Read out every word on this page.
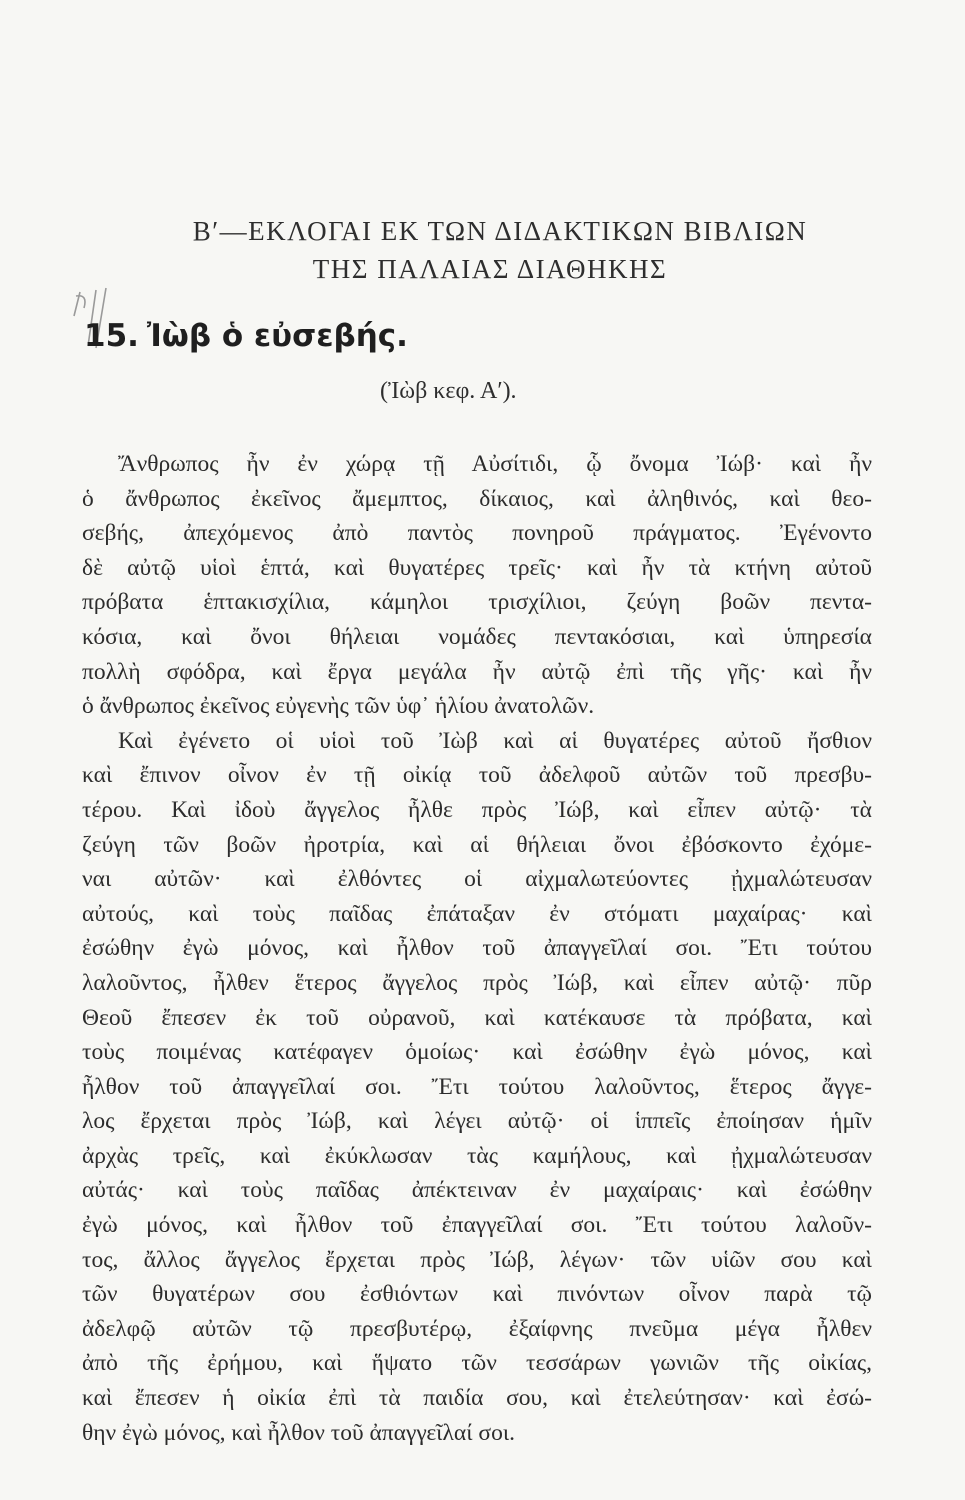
Β′—ΕΚΛΟΓΑΙ ΕΚ ΤΩΝ ΔΙΔΑΚΤΙΚΩΝ ΒΙΒΛΙΩΝ
ΤΗΣ ΠΑΛΑΙΑΣ ΔΙΑΘΗΚΗΣ
15. Ἰὼβ ὁ εὐσεβής.
(Ἰὼβ κεφ. Α′).
Ἄνθρωπος ἦν ἐν χώρᾳ τῇ Αὐσίτιδι, ᾧ ὄνομα Ἰώβ· καὶ ἦν
ὁ ἄνθρωπος ἐκεῖνος ἄμεμπτος, δίκαιος, καὶ ἀληθινός, καὶ θεο-
σεβής, ἀπεχόμενος ἀπὸ παντὸς πονηροῦ πράγματος. Ἐγένοντο
δὲ αὐτῷ υἱοὶ ἑπτά, καὶ θυγατέρες τρεῖς· καὶ ἦν τὰ κτήνη αὐτοῦ
πρόβατα ἑπτακισχίλια, κάμηλοι τρισχίλιοι, ζεύγη βοῶν πεντα-
κόσια, καὶ ὄνοι θήλειαι νομάδες πεντακόσιαι, καὶ ὑπηρεσία
πολλὴ σφόδρα, καὶ ἔργα μεγάλα ἦν αὐτῷ ἐπὶ τῆς γῆς· καὶ ἦν
ὁ ἄνθρωπος ἐκεῖνος εὐγενὴς τῶν ὑφ᾽ ἡλίου ἀνατολῶν.
Καὶ ἐγένετο οἱ υἱοὶ τοῦ Ἰὼβ καὶ αἱ θυγατέρες αὐτοῦ ἤσθιον
καὶ ἔπινον οἶνον ἐν τῇ οἰκίᾳ τοῦ ἀδελφοῦ αὐτῶν τοῦ πρεσβυ-
τέρου. Καὶ ἰδοὺ ἄγγελος ἦλθε πρὸς Ἰώβ, καὶ εἶπεν αὐτῷ· τὰ
ζεύγη τῶν βοῶν ἠροτρία, καὶ αἱ θήλειαι ὄνοι ἐβόσκοντο ἐχόμε-
ναι αὐτῶν· καὶ ἐλθόντες οἱ αἰχμαλωτεύοντες ᾐχμαλώτευσαν
αὐτούς, καὶ τοὺς παῖδας ἐπάταξαν ἐν στόματι μαχαίρας· καὶ
ἐσώθην ἐγὼ μόνος, καὶ ἦλθον τοῦ ἀπαγγεῖλαί σοι. Ἔτι τούτου
λαλοῦντος, ἦλθεν ἕτερος ἄγγελος πρὸς Ἰώβ, καὶ εἶπεν αὐτῷ· πῦρ
Θεοῦ ἔπεσεν ἐκ τοῦ οὐρανοῦ, καὶ κατέκαυσε τὰ πρόβατα, καὶ
τοὺς ποιμένας κατέφαγεν ὁμοίως· καὶ ἐσώθην ἐγὼ μόνος, καὶ
ἦλθον τοῦ ἀπαγγεῖλαί σοι. Ἔτι τούτου λαλοῦντος, ἕτερος ἄγγε-
λος ἔρχεται πρὸς Ἰώβ, καὶ λέγει αὐτῷ· οἱ ἱππεῖς ἐποίησαν ἡμῖν
ἀρχὰς τρεῖς, καὶ ἐκύκλωσαν τὰς καμήλους, καὶ ᾐχμαλώτευσαν
αὐτάς· καὶ τοὺς παῖδας ἀπέκτειναν ἐν μαχαίραις· καὶ ἐσώθην
ἐγὼ μόνος, καὶ ἦλθον τοῦ ἐπαγγεῖλαί σοι. Ἔτι τούτου λαλοῦν-
τος, ἄλλος ἄγγελος ἔρχεται πρὸς Ἰώβ, λέγων· τῶν υἱῶν σου καὶ
τῶν θυγατέρων σου ἐσθιόντων καὶ πινόντων οἶνον παρὰ τῷ
ἀδελφῷ αὐτῶν τῷ πρεσβυτέρῳ, ἐξαίφνης πνεῦμα μέγα ἦλθεν
ἀπὸ τῆς ἐρήμου, καὶ ἥψατο τῶν τεσσάρων γωνιῶν τῆς οἰκίας,
καὶ ἔπεσεν ἡ οἰκία ἐπὶ τὰ παιδία σου, καὶ ἐτελεύτησαν· καὶ ἐσώ-
θην ἐγὼ μόνος, καὶ ἦλθον τοῦ ἀπαγγεῖλαί σοι.
